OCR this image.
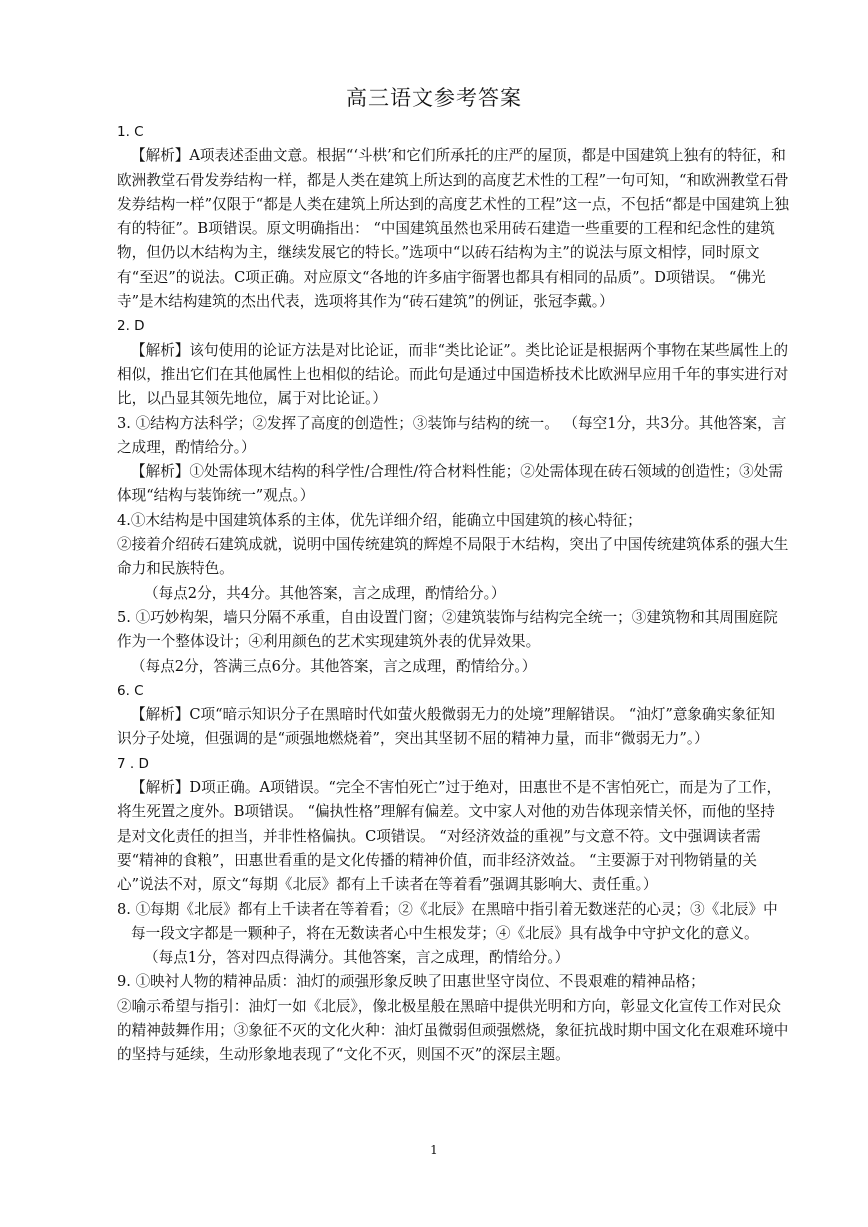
高三语文参考答案

1. C

【解析】A项表述歪曲文意。根据“‘斗栱’和它们所承托的庄严的屋顶，都是中国建筑上独有的特征，和欧洲教堂石骨发券结构一样，都是人类在建筑上所达到的高度艺术性的工程”一句可知，“和欧洲教堂石骨发券结构一样”仅限于“都是人类在建筑上所达到的高度艺术性的工程”这一点，不包括“都是中国建筑上独有的特征”。B项错误。原文明确指出： “中国建筑虽然也采用砖石建造一些重要的工程和纪念性的建筑物，但仍以木结构为主，继续发展它的特长。”选项中“以砖石结构为主”的说法与原文相悖，同时原文有“至迟”的说法。C项正确。对应原文“各地的许多庙宇衙署也都具有相同的品质”。D项错误。 “佛光寺”是木结构建筑的杰出代表，选项将其作为“砖石建筑”的例证，张冠李戴。）

2. D

【解析】该句使用的论证方法是对比论证，而非“类比论证”。类比论证是根据两个事物在某些属性上的相似，推出它们在其他属性上也相似的结论。而此句是通过中国造桥技术比欧洲早应用千年的事实进行对比，以凸显其领先地位，属于对比论证。）

3. ①结构方法科学；②发挥了高度的创造性；③装饰与结构的统一。 （每空1分，共3分。其他答案，言之成理，酌情给分。）

【解析】①处需体现木结构的科学性/合理性/符合材料性能；②处需体现在砖石领域的创造性；③处需体现“结构与装饰统一”观点。）

4.①木结构是中国建筑体系的主体，优先详细介绍，能确立中国建筑的核心特征；

②接着介绍砖石建筑成就，说明中国传统建筑的辉煌不局限于木结构，突出了中国传统建筑体系的强大生命力和民族特色。

（每点2分，共4分。其他答案，言之成理，酌情给分。）

5. ①巧妙构架，墙只分隔不承重，自由设置门窗；②建筑装饰与结构完全统一；③建筑物和其周围庭院作为一个整体设计；④利用颜色的艺术实现建筑外表的优异效果。

（每点2分，答满三点6分。其他答案，言之成理，酌情给分。）

6. C

【解析】C项“暗示知识分子在黑暗时代如萤火般微弱无力的处境”理解错误。 “油灯”意象确实象征知识分子处境，但强调的是“顽强地燃烧着”，突出其坚韧不屈的精神力量，而非“微弱无力”。）

7 . D

【解析】D项正确。A项错误。“完全不害怕死亡”过于绝对，田惠世不是不害怕死亡，而是为了工作，将生死置之度外。B项错误。 “偏执性格”理解有偏差。文中家人对他的劝告体现亲情关怀，而他的坚持是对文化责任的担当，并非性格偏执。C项错误。 “对经济效益的重视”与文意不符。文中强调读者需要“精神的食粮”，田惠世看重的是文化传播的精神价值，而非经济效益。 “主要源于对刊物销量的关心”说法不对，原文“每期《北辰》都有上千读者在等着看”强调其影响大、责任重。）

8. ①每期《北辰》都有上千读者在等着看；②《北辰》在黑暗中指引着无数迷茫的心灵；③《北辰》中每一段文字都是一颗种子，将在无数读者心中生根发芽；④《北辰》具有战争中守护文化的意义。

（每点1分，答对四点得满分。其他答案，言之成理，酌情给分。）

9. ①映衬人物的精神品质：油灯的顽强形象反映了田惠世坚守岗位、不畏艰难的精神品格；

②喻示希望与指引：油灯一如《北辰》，像北极星般在黑暗中提供光明和方向，彰显文化宣传工作对民众的精神鼓舞作用；③象征不灭的文化火种：油灯虽微弱但顽强燃烧，象征抗战时期中国文化在艰难环境中的坚持与延续，生动形象地表现了“文化不灭，则国不灭”的深层主题。

1
